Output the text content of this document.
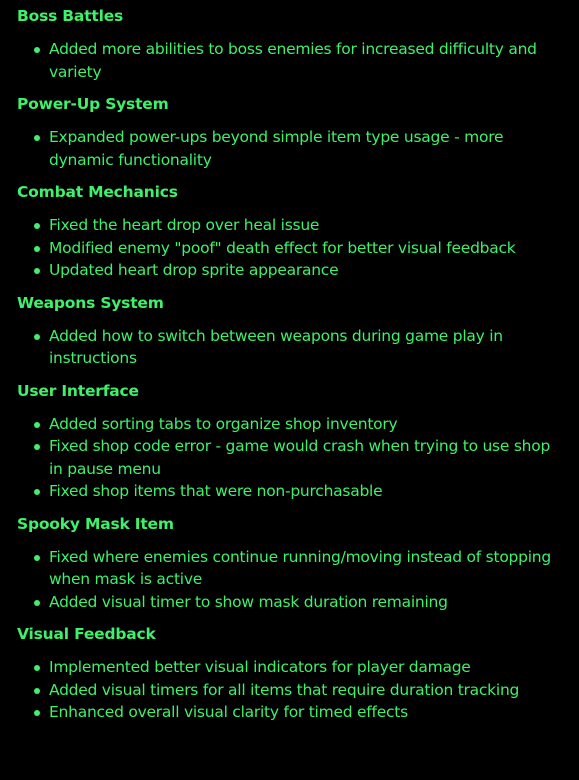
Boss Battles
Added more abilities to boss enemies for increased difficulty and variety
Power-Up System
Expanded power-ups beyond simple item type usage - more dynamic functionality
Combat Mechanics
Fixed the heart drop over heal issue
Modified enemy "poof" death effect for better visual feedback
Updated heart drop sprite appearance
Weapons System
Added how to switch between weapons during game play in instructions
User Interface
Added sorting tabs to organize shop inventory
Fixed shop code error - game would crash when trying to use shop in pause menu
Fixed shop items that were non-purchasable
Spooky Mask Item
Fixed where enemies continue running/moving instead of stopping when mask is active
Added visual timer to show mask duration remaining
Visual Feedback
Implemented better visual indicators for player damage
Added visual timers for all items that require duration tracking
Enhanced overall visual clarity for timed effects
